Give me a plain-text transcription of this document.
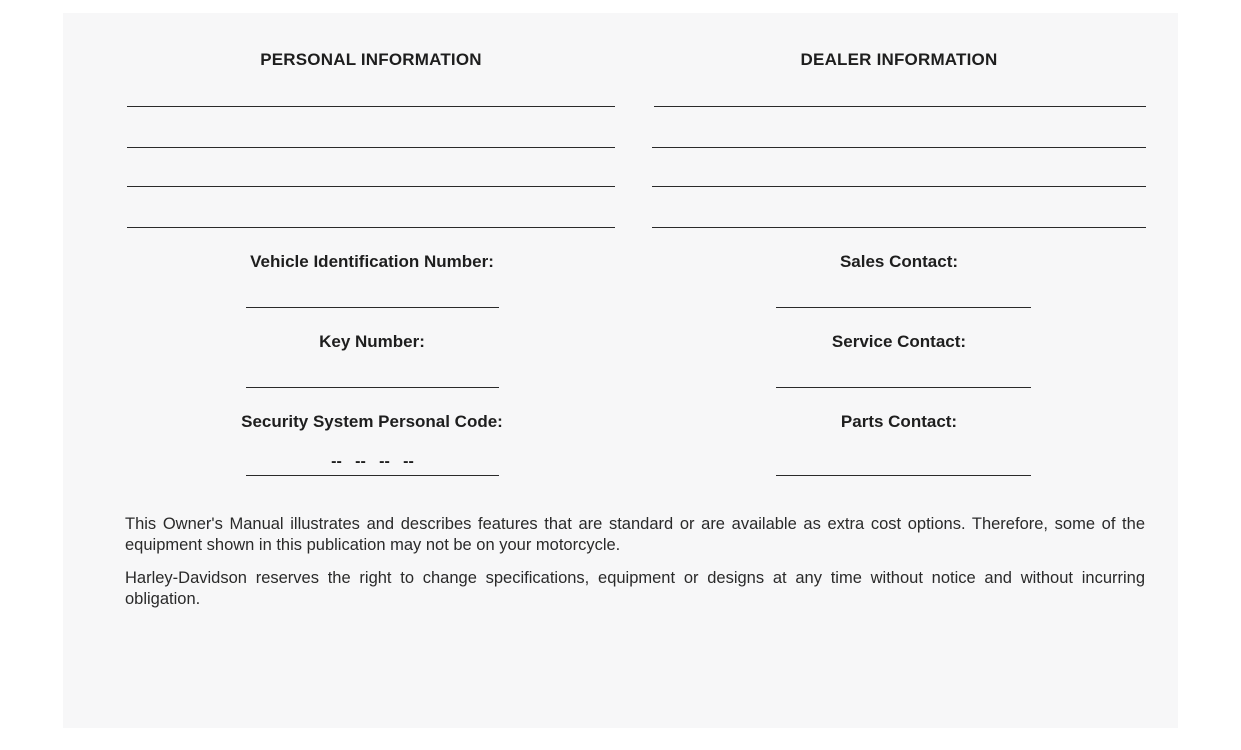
PERSONAL INFORMATION	DEALER INFORMATION
Vehicle Identification Number:
Key Number:
Security System Personal Code:
--   --   --   --
Sales Contact:
Service Contact:
Parts Contact:
This Owner's Manual illustrates and describes features that are standard or are available as extra cost options. Therefore, some of the equipment shown in this publication may not be on your motorcycle.
Harley-Davidson reserves the right to change specifications, equipment or designs at any time without notice and without incurring obligation.
